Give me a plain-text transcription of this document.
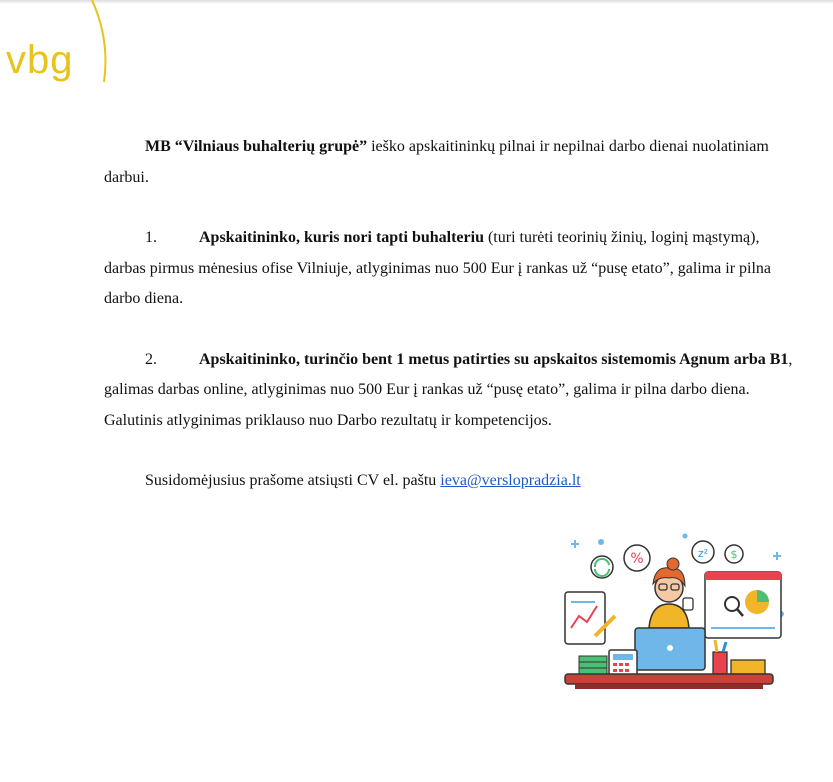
vbg

MB “Vilniaus buhalterių grupė” ieško apskaitininkų pilnai ir nepilnai darbo dienai nuolatiniam darbui.

1.	Apskaitininko, kuris nori tapti buhalteriu (turi turėti teorinių žinių, loginį mąstymą), darbas pirmus mėnesius ofise Vilniuje, atlyginimas nuo 500 Eur į rankas už “pusę etato”, galima ir pilna darbo diena.

2.	Apskaitininko, turinčio bent 1 metus patirties su apskaitos sistemomis Agnum arba B1, galimas darbas online, atlyginimas nuo 500 Eur į rankas už “pusę etato”, galima ir pilna darbo diena. Galutinis atlyginimas priklauso nuo Darbo rezultatų ir kompetencijos.

Susidomėjusius prašome atsiųsti CV el. paštu ieva@verslopradzia.lt

%	z² $
